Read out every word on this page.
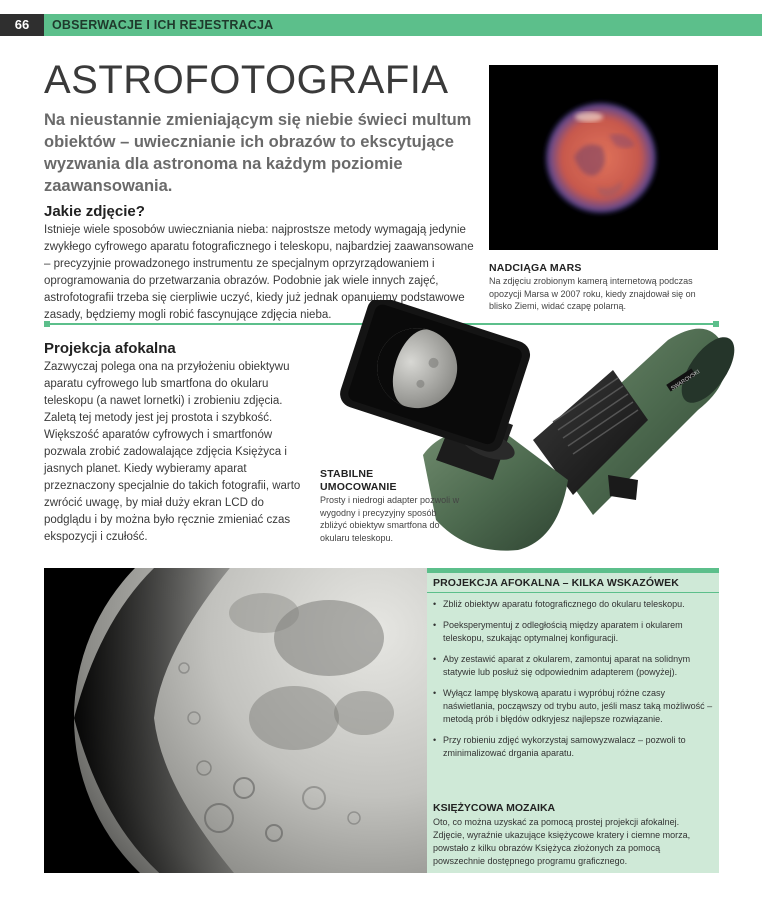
66	OBSERWACJE I ICH REJESTRACJA
ASTROFOTOGRAFIA

Na nieustannie zmieniającym się niebie świeci multum obiektów – uwiecznianie ich obrazów to ekscytujące wyzwania dla astronoma na każdym poziomie zaawansowania.

Jakie zdjęcie?

Istnieje wiele sposobów uwieczniania nieba: najprostsze metody wymagają jedynie zwykłego cyfrowego aparatu fotograficznego i teleskopu, najbardziej zaawansowane – precyzyjnie prowadzonego instrumentu ze specjalnym oprzyrządowaniem i oprogramowania do przetwarzania obrazów. Podobnie jak wiele innych zajęć, astrofotografii trzeba się cierpliwie uczyć, kiedy już jednak opanujemy podstawowe zasady, będziemy mogli robić fascynujące zdjęcia nieba.

NADCIĄGA MARS
Na zdjęciu zrobionym kamerą internetową podczas opozycji Marsa w 2007 roku, kiedy znajdował się on blisko Ziemi, widać czapę polarną.
Projekcja afokalna

Zazwyczaj polega ona na przyłożeniu obiektywu aparatu cyfrowego lub smartfona do okularu teleskopu (a nawet lornetki) i zrobieniu zdjęcia. Zaletą tej metody jest jej prostota i szybkość. Większość aparatów cyfrowych i smartfonów pozwala zrobić zadowalające zdjęcia Księżyca i jasnych planet. Kiedy wybieramy aparat przeznaczony specjalnie do takich fotografii, warto zwrócić uwagę, by miał duży ekran LCD do podglądu i by można było ręcznie zmieniać czas ekspozycji i czułość.

SWAROVSKI
STABILNE
UMOCOWANIE
Prosty i niedrogi adapter pozwoli w wygodny i precyzyjny sposób zbliżyć obiektyw smartfona do okularu teleskopu.
PROJEKCJA AFOKALNA – KILKA WSKAZÓWEK
• Zbliż obiektyw aparatu fotograficznego do okularu teleskopu.
• Poeksperymentuj z odległością między aparatem i okularem teleskopu, szukając optymalnej konfiguracji.
• Aby zestawić aparat z okularem, zamontuj aparat na solidnym statywie lub posłuż się odpowiednim adapterem (powyżej).
• Wyłącz lampę błyskową aparatu i wypróbuj różne czasy naświetlania, począwszy od trybu auto, jeśli masz taką możliwość – metodą prób i błędów odkryjesz najlepsze rozwiązanie.
• Przy robieniu zdjęć wykorzystaj samowyzwalacz – pozwoli to zminimalizować drgania aparatu.
KSIĘŻYCOWA MOZAIKA
Oto, co można uzyskać za pomocą prostej projekcji afokalnej. Zdjęcie, wyraźnie ukazujące księżycowe kratery i ciemne morza, powstało z kilku obrazów Księżyca złożonych za pomocą powszechnie dostępnego programu graficznego.
